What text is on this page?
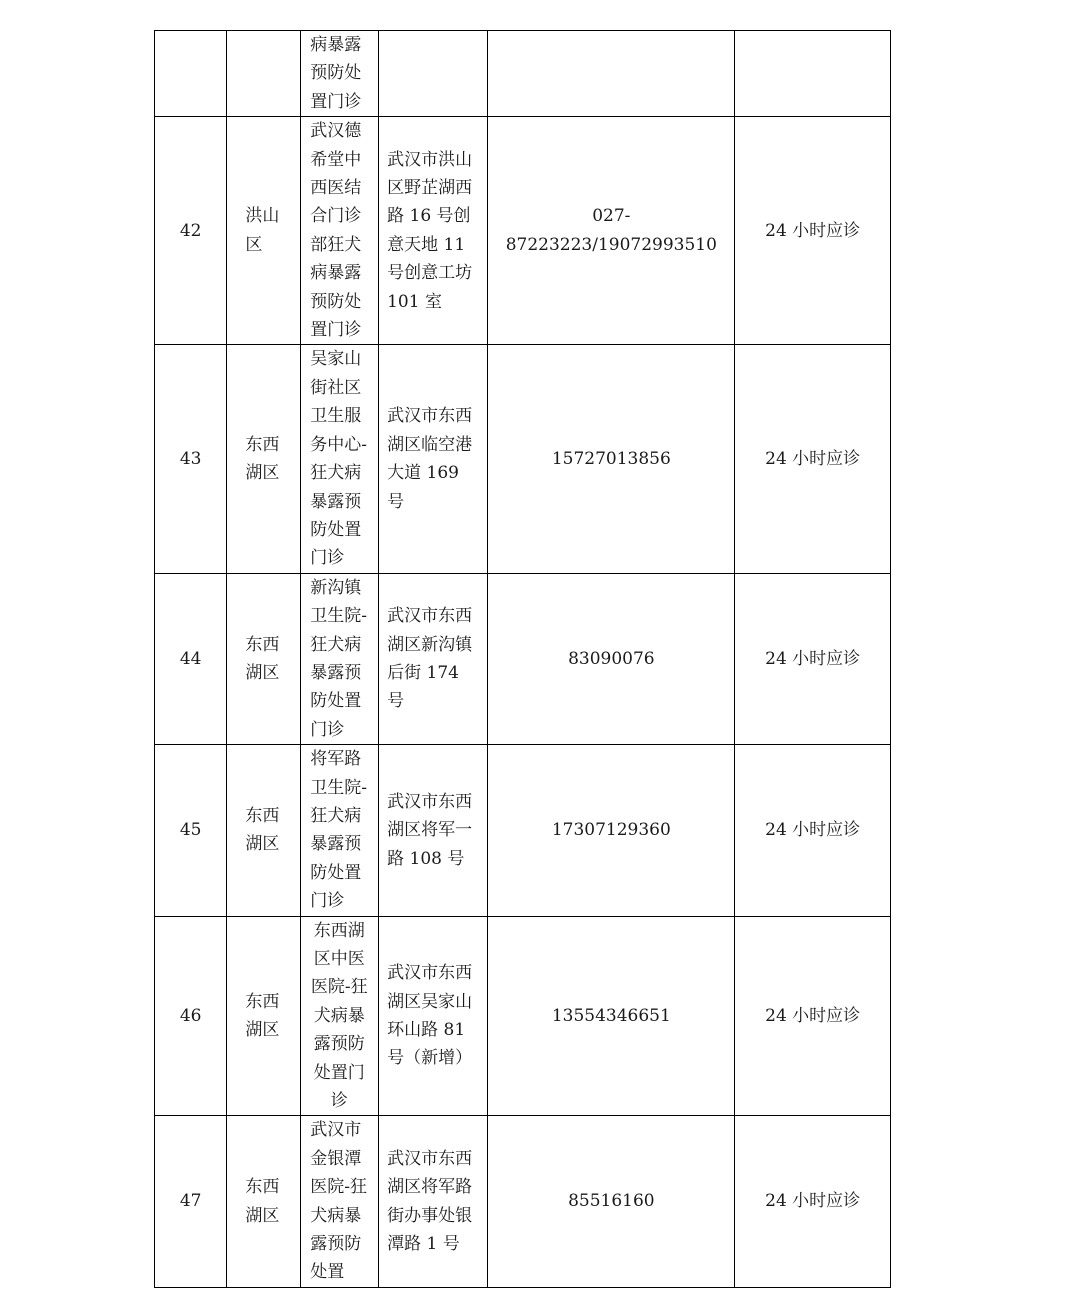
		病暴露预防处置门诊			

42	洪山区	武汉德希堂中西医结合门诊部狂犬病暴露预防处置门诊	武汉市洪山区野芷湖西路 16 号创意天地 11 号创意工坊 101 室	027-87223223/19072993510	24 小时应诊
43	东西湖区	吴家山街社区卫生服务中心-狂犬病暴露预防处置门诊	武汉市东西湖区临空港大道 169 号	15727013856	24 小时应诊
44	东西湖区	新沟镇卫生院-狂犬病暴露预防处置门诊	武汉市东西湖区新沟镇后街 174 号	83090076	24 小时应诊
45	东西湖区	将军路卫生院-狂犬病暴露预防处置门诊	武汉市东西湖区将军一路 108 号	17307129360	24 小时应诊
46	东西湖区	东西湖区中医医院-狂犬病暴露预防处置门诊	武汉市东西湖区吴家山环山路 81 号（新增）	13554346651	24 小时应诊
47	东西湖区	武汉市金银潭医院-狂犬病暴露预防处置	武汉市东西湖区将军路街办事处银潭路 1 号	85516160	24 小时应诊
